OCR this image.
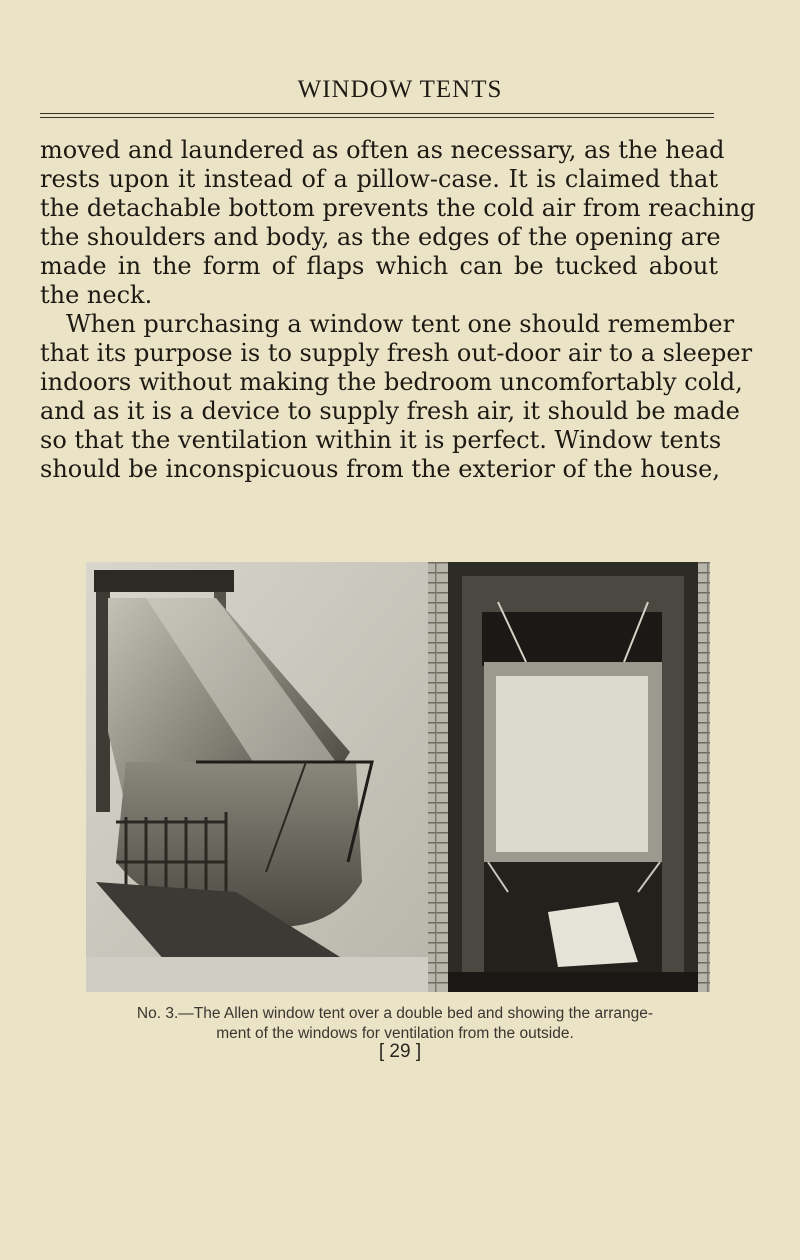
WINDOW TENTS
moved and laundered as often as necessary, as the head
rests upon it instead of a pillow-case. It is claimed that
the detachable bottom prevents the cold air from reaching
the shoulders and body, as the edges of the opening are
made in the form of flaps which can be tucked about
the neck.
When purchasing a window tent one should remember
that its purpose is to supply fresh out-door air to a sleeper
indoors without making the bedroom uncomfortably cold,
and as it is a device to supply fresh air, it should be made
so that the ventilation within it is perfect. Window tents
should be inconspicuous from the exterior of the house,
No. 3.—The Allen window tent over a double bed and showing the arrange-
ment of the windows for ventilation from the outside.
[ 29 ]
